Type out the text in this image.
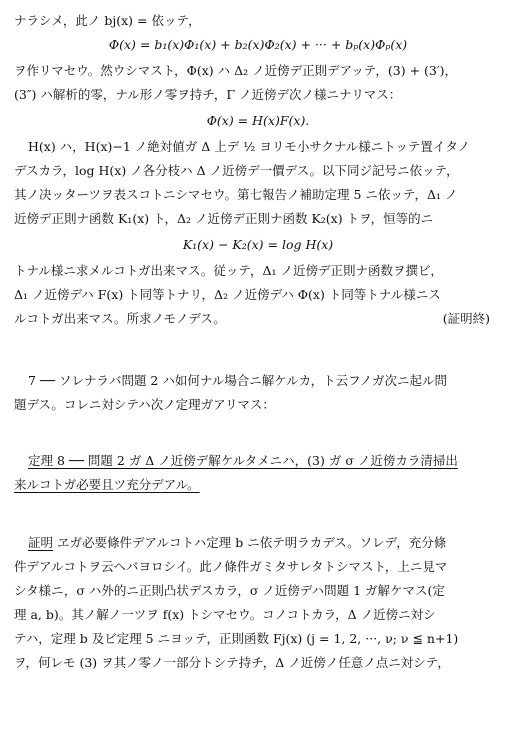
ナラシメ，此ノ bj(x) = 依ッテ，
Φ(x) = b₁(x)Φ₁(x) + b₂(x)Φ₂(x) + ··· + bₚ(x)Φₚ(x)
ヲ作リマセウ。然ウシマスト，Φ(x) ハ Δ₂ ノ近傍デ正則デアッテ，(3) + (3′)，
(3″) ハ解析的零，ナル形ノ零ヲ持チ，Γ ノ近傍デ次ノ様ニナリマス：
Φ(x) = H(x)F(x).
H(x) ハ，H(x)−1 ノ絶対値ガ Δ 上デ ½ ヨリモ小サクナル様ニトッテ置イタノ
デスカラ，log H(x) ノ各分枝ハ Δ ノ近傍デ一價デス。以下同ジ記号ニ依ッテ，
其ノ决ッターツヲ表スコトニシマセウ。第七報告ノ補助定理 5 ニ依ッテ，Δ₁ ノ
近傍デ正則ナ函数 K₁(x) ト，Δ₂ ノ近傍デ正則ナ函数 K₂(x) トヲ，恒等的ニ
K₁(x) − K₂(x) = log H(x)
トナル様ニ求メルコトガ出来マス。従ッテ，Δ₁ ノ近傍デ正則ナ函数ヲ撰ビ，
Δ₁ ノ近傍デハ F(x) ト同等トナリ，Δ₂ ノ近傍デハ Φ(x) ト同等トナル様ニス
ルコトガ出来マス。所求ノモノデス。	(証明終)
7 ── ソレナラバ問題 2 ハ如何ナル場合ニ解ケルカ，ト云フノガ次ニ起ル問
題デス。コレニ対シテハ次ノ定理ガアリマス：
定理 8 ── 問題 2 ガ Δ ノ近傍デ解ケルタメニハ，(3) ガ σ ノ近傍カラ清掃出
来ルコトガ必要且ツ充分デアル。
証明 ヱガ必要條件デアルコトハ定理 b ニ依テ明ラカデス。ソレデ，充分條
件デアルコトヲ云ヘバヨロシイ。此ノ條件ガミタサレタトシマスト，上ニ見マ
シタ様ニ，σ ハ外的ニ正則凸状デスカラ，σ ノ近傍デハ問題 1 ガ解ケマス(定
理 a, b)。其ノ解ノ一ツヲ f(x) トシマセウ。コノコトカラ，Δ ノ近傍ニ対シ
テハ，定理 b 及ビ定理 5 ニヨッテ，正則函数 Fj(x) (j = 1, 2, ···, ν; ν ≦ n+1)
ヲ，何レモ (3) ヲ其ノ零ノ一部分トシテ持チ，Δ ノ近傍ノ任意ノ点ニ対シテ，
